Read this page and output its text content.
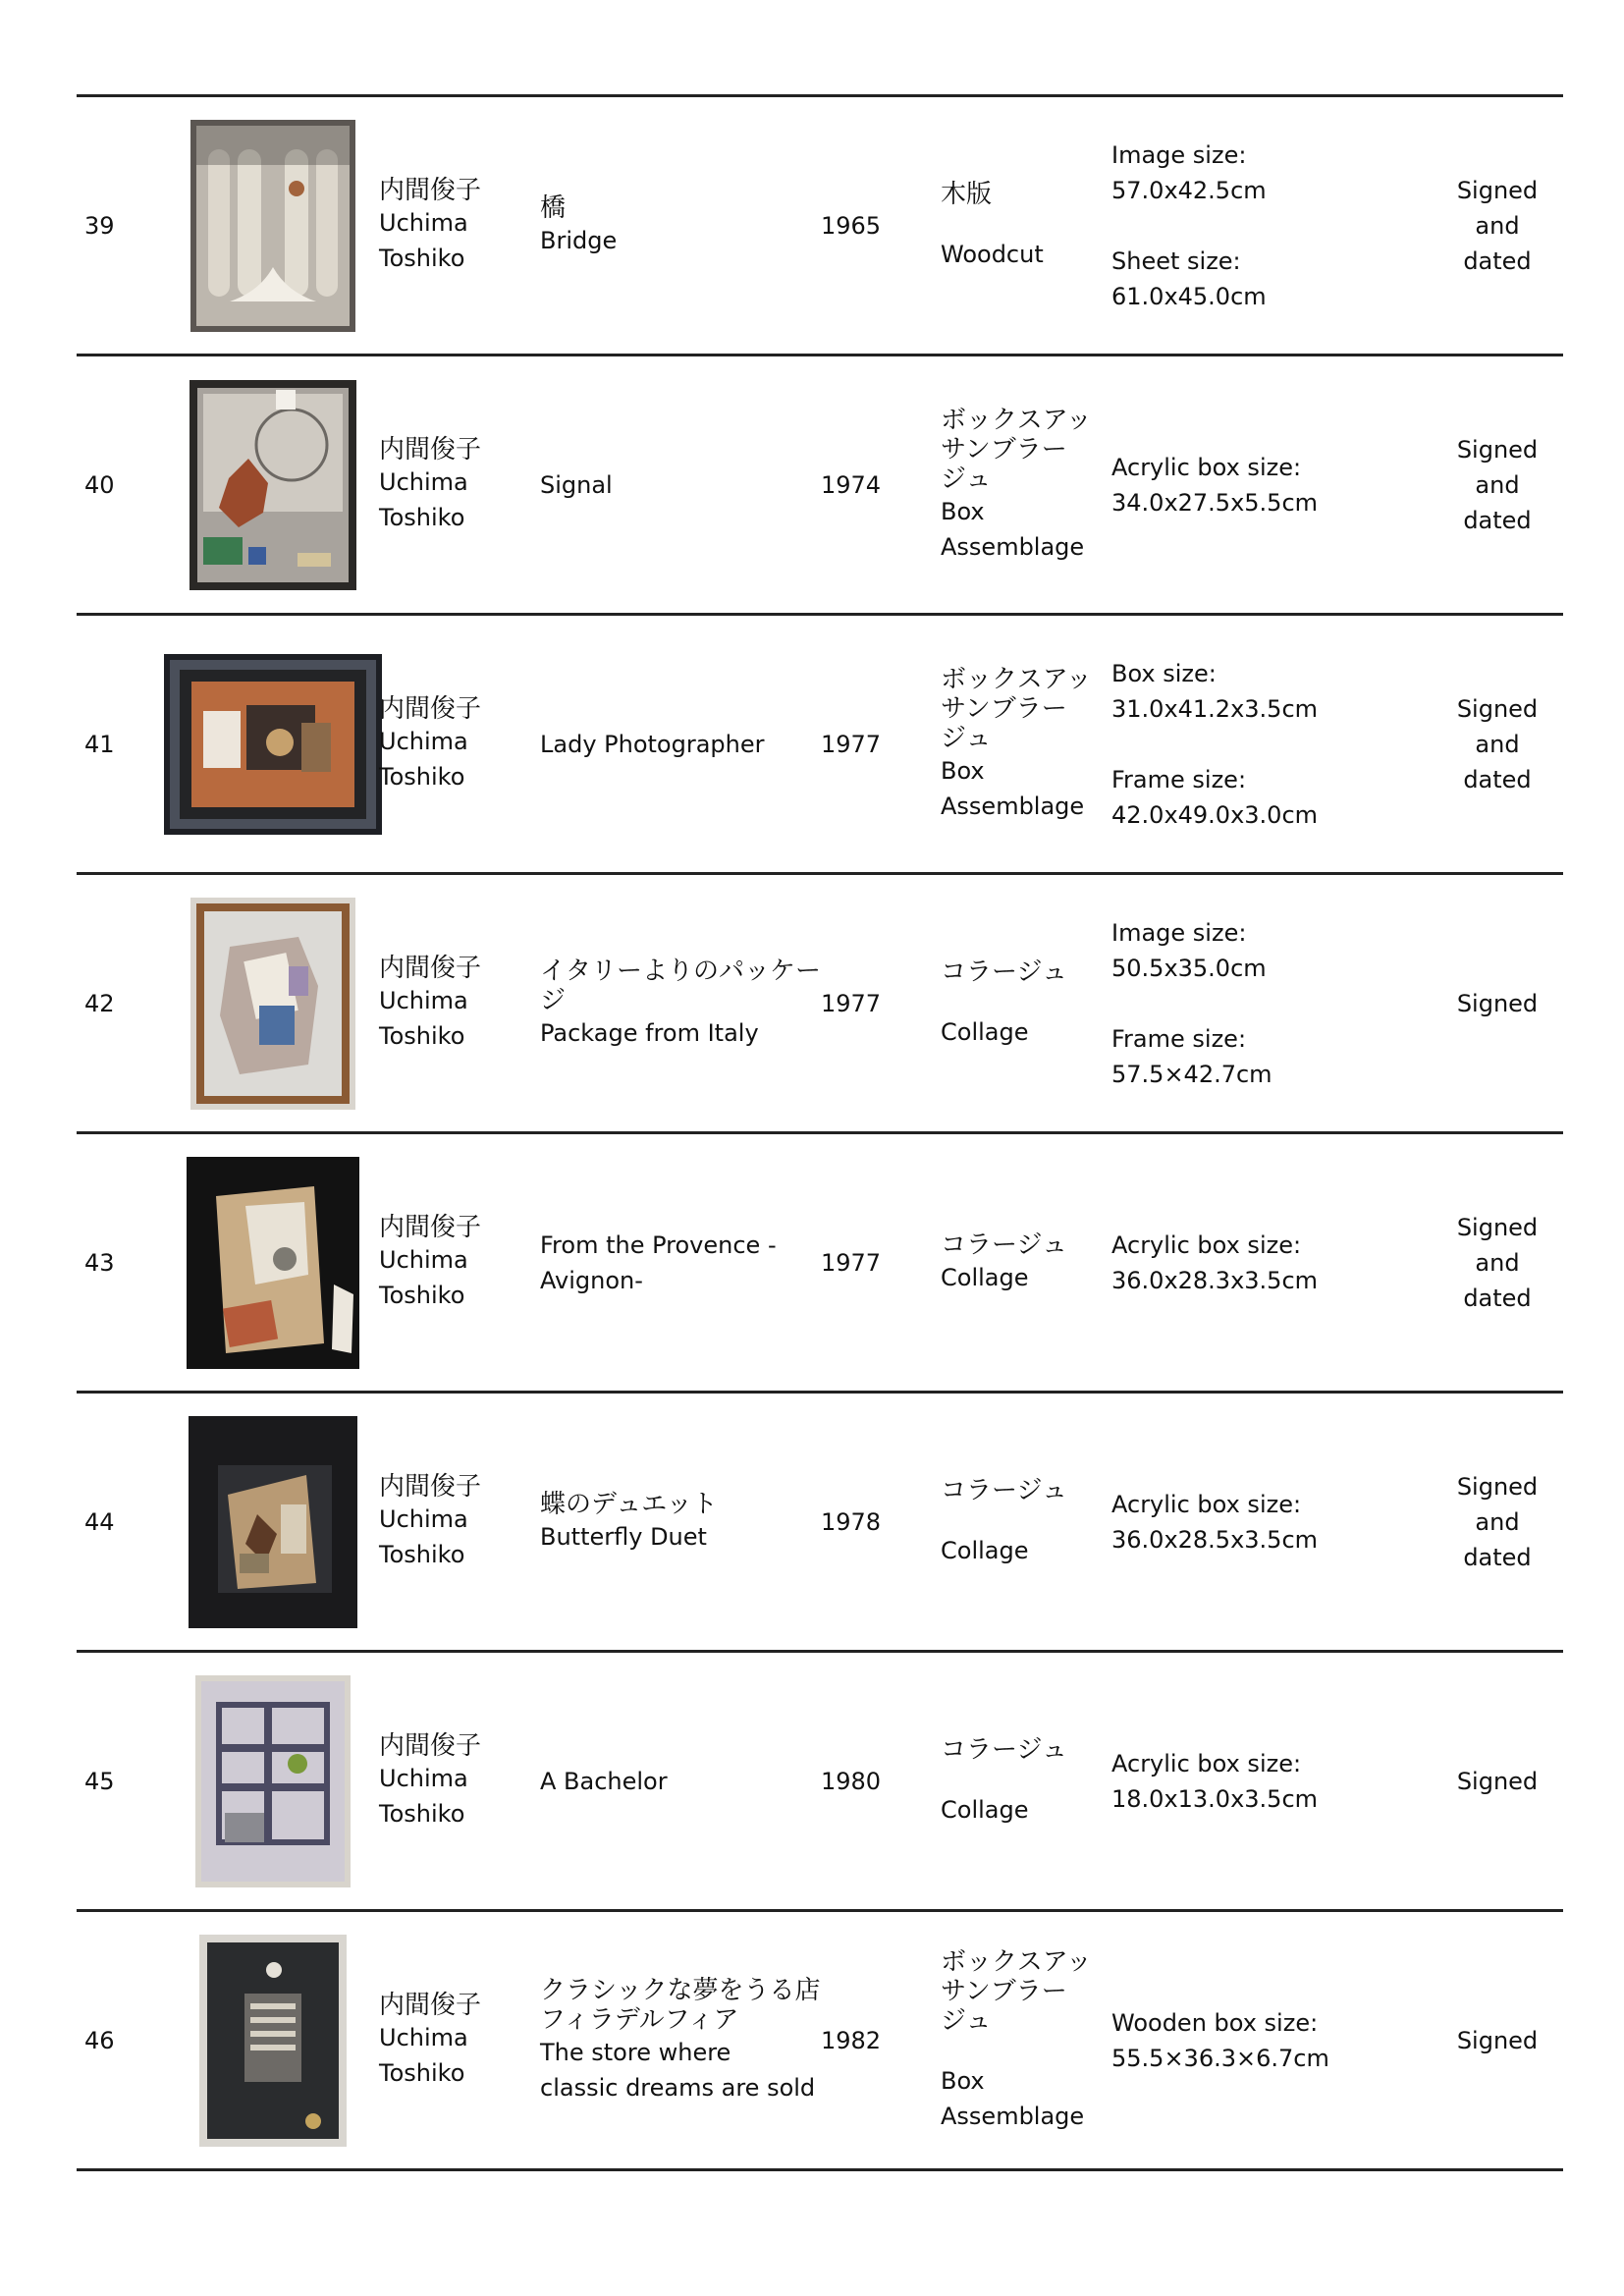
39
内間俊子
Uchima
Toshiko
橋
Bridge
1965
木版
Woodcut
Image size:
57.0x42.5cm
Sheet size:
61.0x45.0cm
Signed
and
dated
40
内間俊子
Uchima
Toshiko
Signal	1974
ボックスアッ
サンブラー
ジュ
Box
Assemblage
Acrylic box size:
34.0x27.5x5.5cm
Signed
and
dated
41
内間俊子
Uchima
Toshiko
Lady Photographer 1977
ボックスアッ
サンブラー
ジュ
Box
Assemblage
Box size:
31.0x41.2x3.5cm
Frame size:
42.0x49.0x3.0cm
Signed
and
dated
42
内間俊子
Uchima
Toshiko
イタリーよりのパッケー
ジ
Package from Italy
1977
コラージュ
Collage
Image size:
50.5x35.0cm
Frame size:
57.5×42.7cm
Signed
43
内間俊子
Uchima
Toshiko
From the Provence -
Avignon-
1977
コラージュ
Collage
Acrylic box size:
36.0x28.3x3.5cm
Signed
and
dated
44
内間俊子
Uchima
Toshiko
蝶のデュエット
Butterfly Duet
1978
コラージュ
Collage
Acrylic box size:
36.0x28.5x3.5cm
Signed
and
dated
45
内間俊子
Uchima
Toshiko
A Bachelor	1980
コラージュ
Collage
Acrylic box size:
18.0x13.0x3.5cm
Signed
46
内間俊子
Uchima
Toshiko
クラシックな夢をうる店
フィラデルフィア
The store where
classic dreams are sold
1982
ボックスアッ
サンブラー
ジュ
Box
Assemblage
Wooden box size:
55.5×36.3×6.7cm
Signed
